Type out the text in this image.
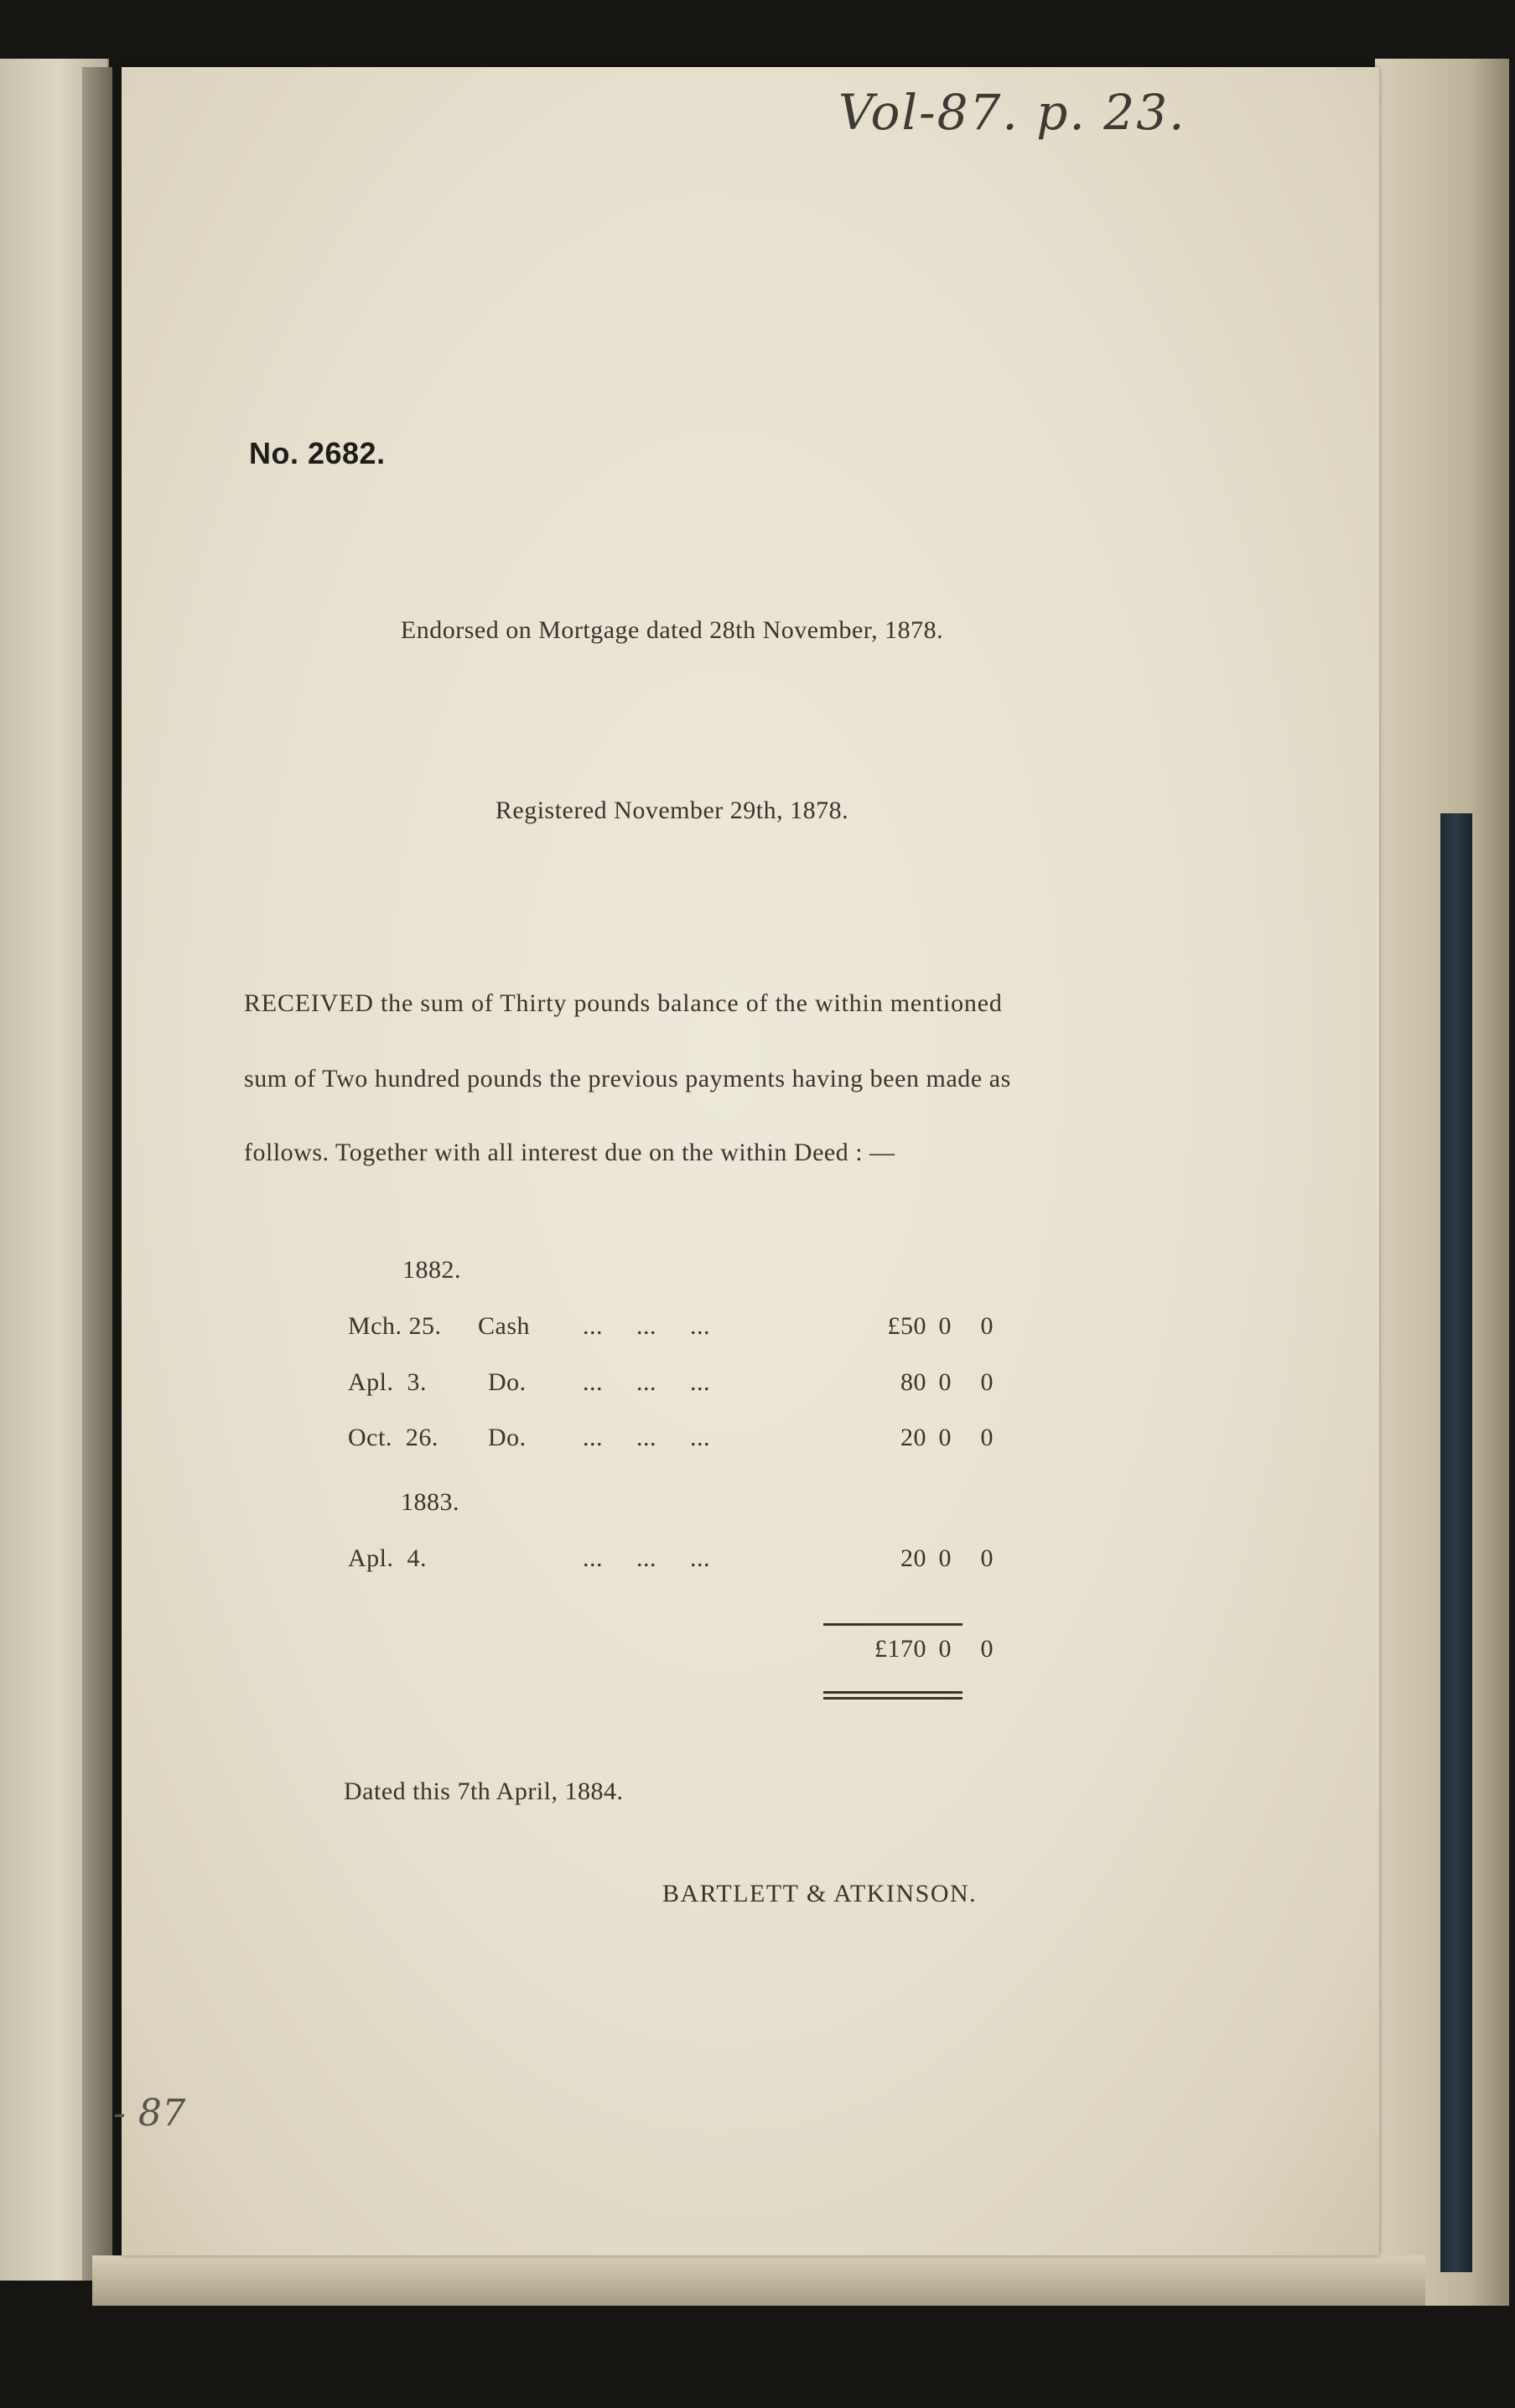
Vol-87. p. 23.
No. 2682.
Endorsed on Mortgage dated 28th November, 1878.
Registered November 29th, 1878.
RECEIVED the sum of Thirty pounds balance of the within mentioned
sum of Two hundred pounds the previous payments having been made as
follows. Together with all interest due on the within Deed : —
1882.
Mch. 25. Cash ...     ...     ...	£50 0	0
Apl.  3. Do. ...     ...     ...	80 0	0
Oct.  26. Do. ...     ...     ...	20 0	0
1883.
Apl.  4.	...     ...     ...	20 0	0
£170 0	0
Dated this 7th April, 1884.
BARTLETT & ATKINSON.
- 87
